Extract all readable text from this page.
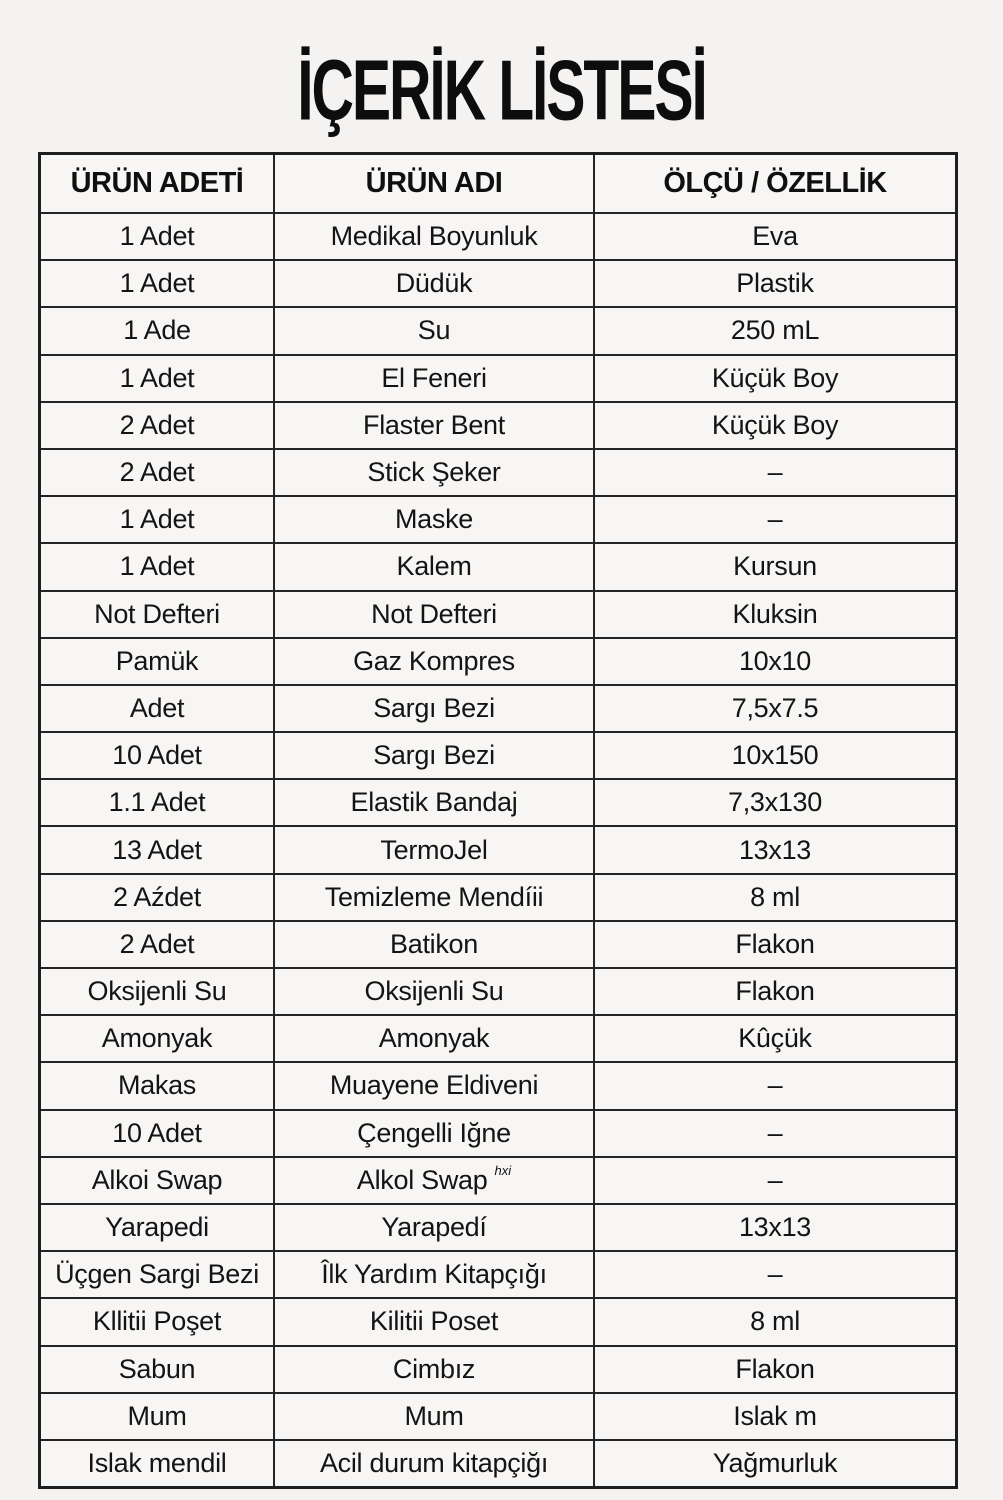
İÇERİK LİSTESİ
ÜRÜN ADETİ	ÜRÜN ADI	ÖLÇÜ / ÖZELLİK
1 Adet	Medikal Boyunluk	Eva
1 Adet	Düdük	Plastik
1 Ade	Su	250 mL
1 Adet	El Feneri	Küçük Boy
2 Adet	Flaster Bent	Küçük Boy
2 Adet	Stick Şeker	–
1 Adet	Maske	–
1 Adet	Kalem	Kursun
Not Defteri	Not Defteri	Kluksin
Pamük	Gaz Kompres	10x10
Adet	Sargı Bezi	7,5x7.5
10 Adet	Sargı Bezi	10x150
1.1 Adet	Elastik Bandaj	7,3x130
13 Adet	TermoJel	13x13
2 Aźdet	Temizleme Mendíii	8 ml
2 Adet	Batikon	Flakon
Oksijenli Su	Oksijenli Su	Flakon
Amonyak	Amonyak	Kûçük
Makas	Muayene Eldiveni	–
10 Adet	Çengelli Iğne	–
Alkoi Swap	Alkol Swap hxi	–
Yarapedi	Yarapedí	13x13
Üçgen Sargi Bezi	Îlk Yardım Kitapçığı	–
Kllitii Poşet	Kilitii Poset	8 ml
Sabun	Cimbız	Flakon
Mum	Mum	Islak m
Islak mendil	Acil durum kitapçiğı	Yağmurluk
